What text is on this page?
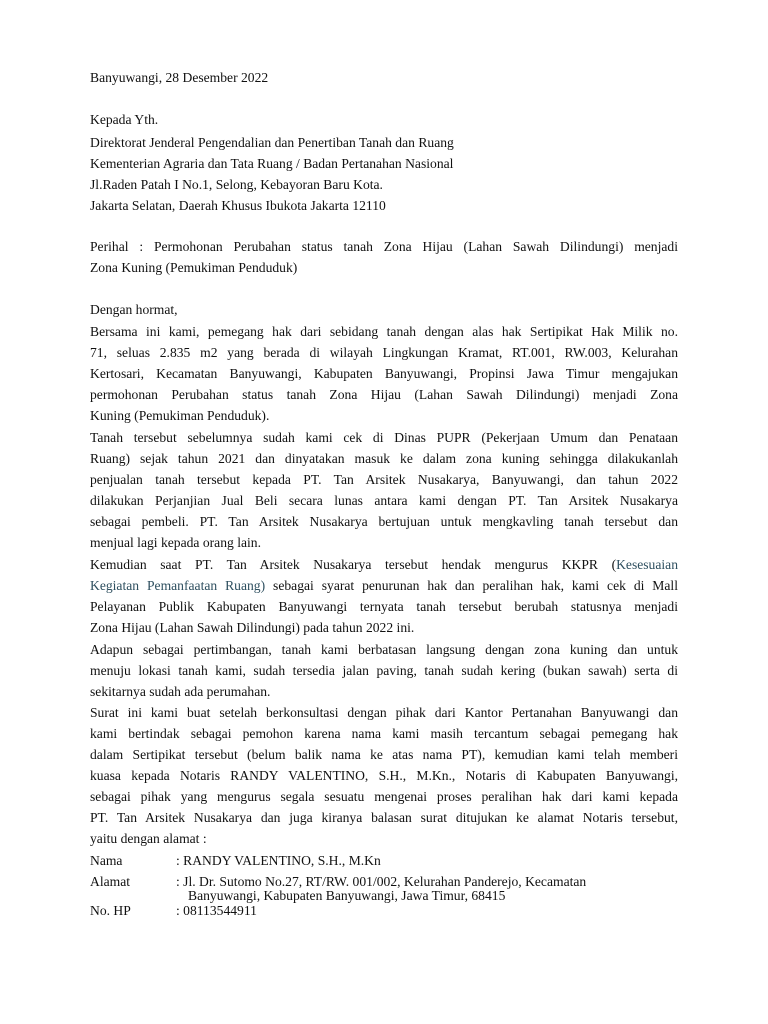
Banyuwangi, 28 Desember 2022
Kepada Yth.
Direktorat Jenderal Pengendalian dan Penertiban Tanah dan Ruang
Kementerian Agraria dan Tata Ruang / Badan Pertanahan Nasional
Jl.Raden Patah I No.1, Selong, Kebayoran Baru Kota.
Jakarta Selatan, Daerah Khusus Ibukota Jakarta 12110
Perihal : Permohonan Perubahan status tanah Zona Hijau (Lahan Sawah Dilindungi) menjadi
Zona Kuning (Pemukiman Penduduk)
Dengan hormat,
Bersama ini kami, pemegang hak dari sebidang tanah dengan alas hak Sertipikat Hak Milik no.
71, seluas 2.835 m2 yang berada di wilayah Lingkungan Kramat, RT.001, RW.003, Kelurahan
Kertosari, Kecamatan Banyuwangi, Kabupaten Banyuwangi, Propinsi Jawa Timur mengajukan
permohonan Perubahan status tanah Zona Hijau (Lahan Sawah Dilindungi) menjadi Zona
Kuning (Pemukiman Penduduk).
Tanah tersebut sebelumnya sudah kami cek di Dinas PUPR (Pekerjaan Umum dan Penataan
Ruang) sejak tahun 2021 dan dinyatakan masuk ke dalam zona kuning sehingga dilakukanlah
penjualan tanah tersebut kepada PT. Tan Arsitek Nusakarya, Banyuwangi, dan tahun 2022
dilakukan Perjanjian Jual Beli secara lunas antara kami dengan PT. Tan Arsitek Nusakarya
sebagai pembeli. PT. Tan Arsitek Nusakarya bertujuan untuk mengkavling tanah tersebut dan
menjual lagi kepada orang lain.
Kemudian saat PT. Tan Arsitek Nusakarya tersebut hendak mengurus KKPR (Kesesuaian
Kegiatan Pemanfaatan Ruang) sebagai syarat penurunan hak dan peralihan hak, kami cek di Mall
Pelayanan Publik Kabupaten Banyuwangi ternyata tanah tersebut berubah statusnya menjadi
Zona Hijau (Lahan Sawah Dilindungi) pada tahun 2022 ini.
Adapun sebagai pertimbangan, tanah kami berbatasan langsung dengan zona kuning dan untuk
menuju lokasi tanah kami, sudah tersedia jalan paving, tanah sudah kering (bukan sawah) serta di
sekitarnya sudah ada perumahan.
Surat ini kami buat setelah berkonsultasi dengan pihak dari Kantor Pertanahan Banyuwangi dan
kami bertindak sebagai pemohon karena nama kami masih tercantum sebagai pemegang hak
dalam Sertipikat tersebut (belum balik nama ke atas nama PT), kemudian kami telah memberi
kuasa kepada Notaris RANDY VALENTINO, S.H., M.Kn., Notaris di Kabupaten Banyuwangi,
sebagai pihak yang mengurus segala sesuatu mengenai proses peralihan hak dari kami kepada
PT. Tan Arsitek Nusakarya dan juga kiranya balasan surat ditujukan ke alamat Notaris tersebut,
yaitu dengan alamat :
Nama	: RANDY VALENTINO, S.H., M.Kn
Alamat	: Jl. Dr. Sutomo No.27, RT/RW. 001/002, Kelurahan Panderejo, Kecamatan
Banyuwangi, Kabupaten Banyuwangi, Jawa Timur, 68415
No. HP	: 08113544911
